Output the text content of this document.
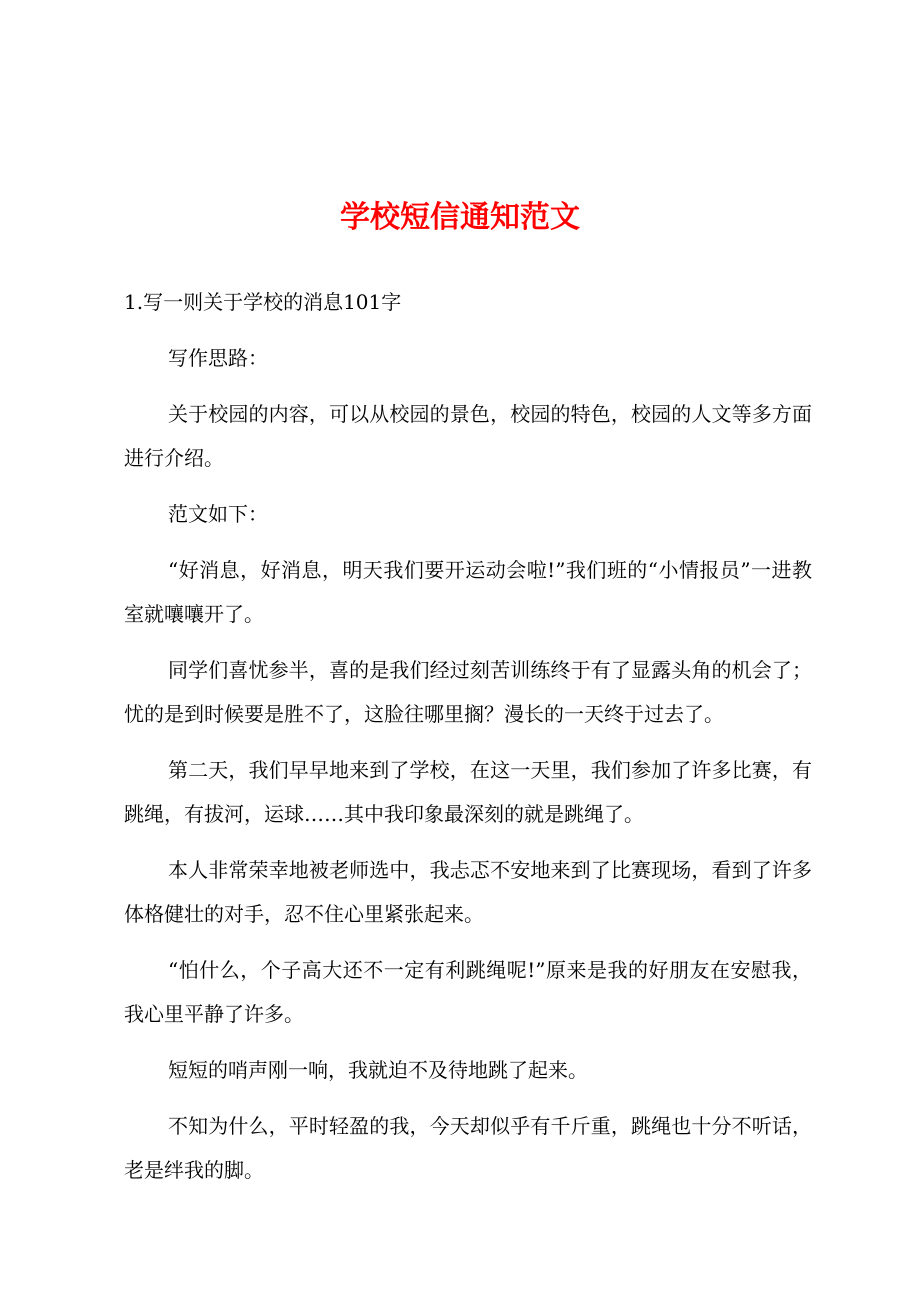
学校短信通知范文

1.写一则关于学校的消息101字

写作思路：

关于校园的内容，可以从校园的景色，校园的特色，校园的人文等多方面进行介绍。

范文如下：

“好消息，好消息，明天我们要开运动会啦!”我们班的“小情报员”一进教室就嚷嚷开了。

同学们喜忧参半，喜的是我们经过刻苦训练终于有了显露头角的机会了；忧的是到时候要是胜不了，这脸往哪里搁？漫长的一天终于过去了。

第二天，我们早早地来到了学校，在这一天里，我们参加了许多比赛，有跳绳，有拔河，运球……其中我印象最深刻的就是跳绳了。

本人非常荣幸地被老师选中，我忐忑不安地来到了比赛现场，看到了许多体格健壮的对手，忍不住心里紧张起来。

“怕什么，个子高大还不一定有利跳绳呢!”原来是我的好朋友在安慰我，我心里平静了许多。

短短的哨声刚一响，我就迫不及待地跳了起来。

不知为什么，平时轻盈的我，今天却似乎有千斤重，跳绳也十分不听话，老是绊我的脚。
